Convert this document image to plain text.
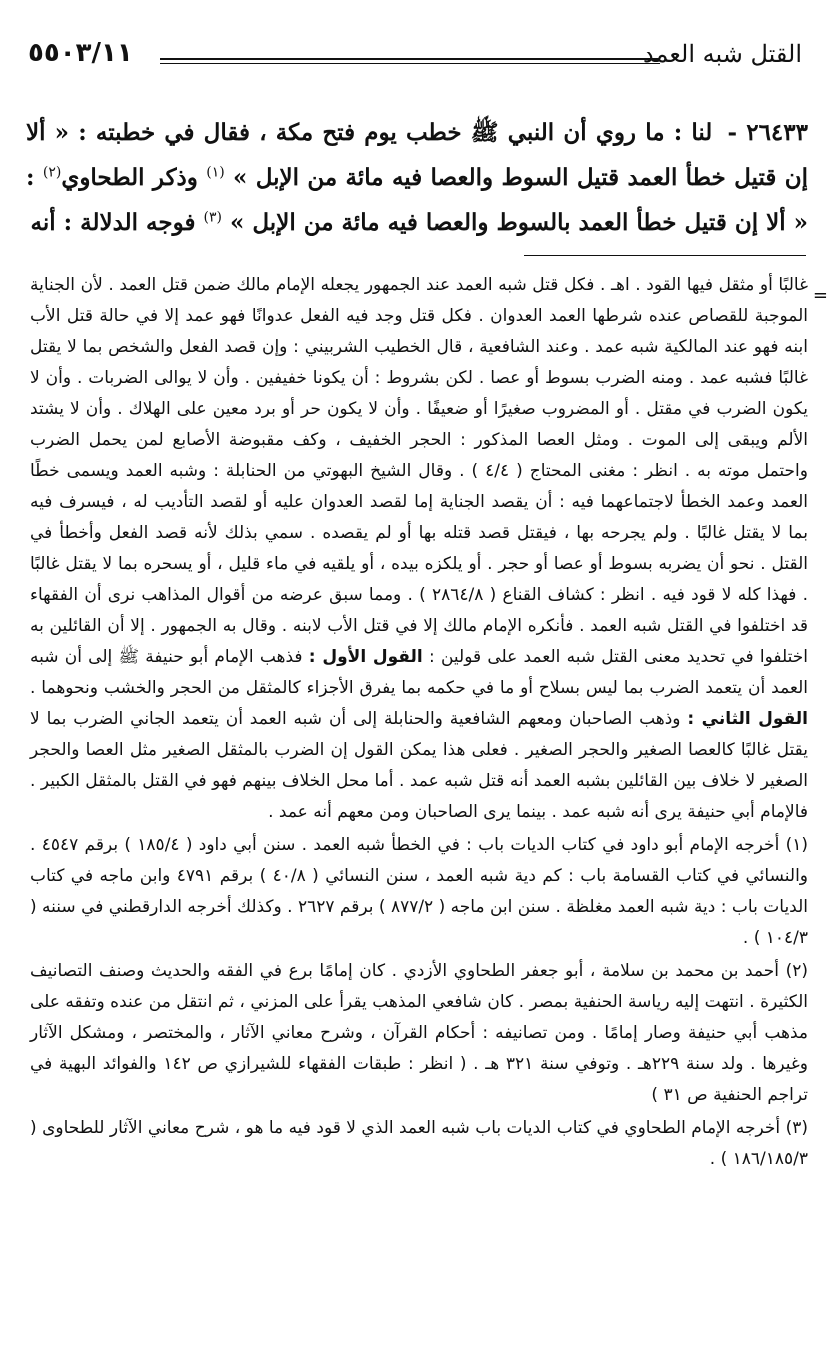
القتل شبه العمد
٥٥٠٣/١١
٢٦٤٣٣ - لنا : ما روي أن النبي ﷺ خطب يوم فتح مكة ، فقال في خطبته : « ألا إن قتيل خطأ العمد قتيل السوط والعصا فيه مائة من الإبل » $^{(١)}$ وذكر الطحاوي$^{(٢)}$ : « ألا إن قتيل خطأ العمد بالسوط والعصا فيه مائة من الإبل » $^{(٣)}$ فوجه الدلالة : أنه
=

غالبًا أو مثقل فيها القود . اهـ . فكل قتل شبه العمد عند الجمهور يجعله الإمام مالك ضمن قتل العمد . لأن الجناية الموجبة للقصاص عنده شرطها العمد العدوان . فكل قتل وجد فيه الفعل عدوانًا فهو عمد إلا في حالة قتل الأب ابنه فهو عند المالكية شبه عمد . وعند الشافعية ، قال الخطيب الشربيني : وإن قصد الفعل والشخص بما لا يقتل غالبًا فشبه عمد . ومنه الضرب بسوط أو عصا . لكن بشروط : أن يكونا خفيفين . وأن لا يوالى الضربات . وأن لا يكون الضرب في مقتل . أو المضروب صغيرًا أو ضعيفًا . وأن لا يكون حر أو برد معين على الهلاك . وأن لا يشتد الألم ويبقى إلى الموت . ومثل العصا المذكور : الحجر الخفيف ، وكف مقبوضة الأصابع لمن يحمل الضرب واحتمل موته به . انظر : مغنى المحتاج ( ٤/٤ ) . وقال الشيخ البهوتي من الحنابلة : وشبه العمد ويسمى خطًا العمد وعمد الخطأ لاجتماعهما فيه : أن يقصد الجناية إما لقصد العدوان عليه أو لقصد التأديب له ، فيسرف فيه بما لا يقتل غالبًا . ولم يجرحه بها ، فيقتل قصد قتله بها أو لم يقصده . سمي بذلك لأنه قصد الفعل وأخطأ في القتل . نحو أن يضربه بسوط أو عصا أو حجر . أو يلكزه بيده ، أو يلقيه في ماء قليل ، أو يسحره بما لا يقتل غالبًا . فهذا كله لا قود فيه . انظر : كشاف القناع ( ٢٨٦٤/٨ ) . ومما سبق عرضه من أقوال المذاهب نرى أن الفقهاء قد اختلفوا في القتل شبه العمد . فأنكره الإمام مالك إلا في قتل الأب لابنه . وقال به الجمهور . إلا أن القائلين به اختلفوا في تحديد معنى القتل شبه العمد على قولين : القول الأول : فذهب الإمام أبو حنيفة ﷺ إلى أن شبه العمد أن يتعمد الضرب بما ليس بسلاح أو ما في حكمه بما يفرق الأجزاء كالمثقل من الحجر والخشب ونحوهما . القول الثاني : وذهب الصاحبان ومعهم الشافعية والحنابلة إلى أن شبه العمد أن يتعمد الجاني الضرب بما لا يقتل غالبًا كالعصا الصغير والحجر الصغير . فعلى هذا يمكن القول إن الضرب بالمثقل الصغير مثل العصا والحجر الصغير لا خلاف بين القائلين بشبه العمد أنه قتل شبه عمد . أما محل الخلاف بينهم فهو في القتل بالمثقل الكبير . فالإمام أبي حنيفة يرى أنه شبه عمد . بينما يرى الصاحبان ومن معهم أنه عمد .

(١) أخرجه الإمام أبو داود في كتاب الديات باب : في الخطأ شبه العمد . سنن أبي داود ( ١٨٥/٤ ) برقم ٤٥٤٧ . والنسائي في كتاب القسامة باب : كم دية شبه العمد ، سنن النسائي ( ٤٠/٨ ) برقم ٤٧٩١ وابن ماجه في كتاب الديات باب : دية شبه العمد مغلظة . سنن ابن ماجه ( ٨٧٧/٢ ) برقم ٢٦٢٧ . وكذلك أخرجه الدارقطني في سننه ( ١٠٤/٣ ) .

(٢) أحمد بن محمد بن سلامة ، أبو جعفر الطحاوي الأزدي . كان إمامًا برع في الفقه والحديث وصنف التصانيف الكثيرة . انتهت إليه رياسة الحنفية بمصر . كان شافعي المذهب يقرأ على المزني ، ثم انتقل من عنده وتفقه على مذهب أبي حنيفة وصار إمامًا . ومن تصانيفه : أحكام القرآن ، وشرح معاني الآثار ، والمختصر ، ومشكل الآثار وغيرها . ولد سنة ٢٢٩هـ . وتوفي سنة ٣٢١ هـ . ( انظر : طبقات الفقهاء للشيرازي ص ١٤٢ والفوائد البهية في تراجم الحنفية ص ٣١ )

(٣) أخرجه الإمام الطحاوي في كتاب الديات باب شبه العمد الذي لا قود فيه ما هو ، شرح معاني الآثار للطحاوى ( ١٨٦/١٨٥/٣ ) .
